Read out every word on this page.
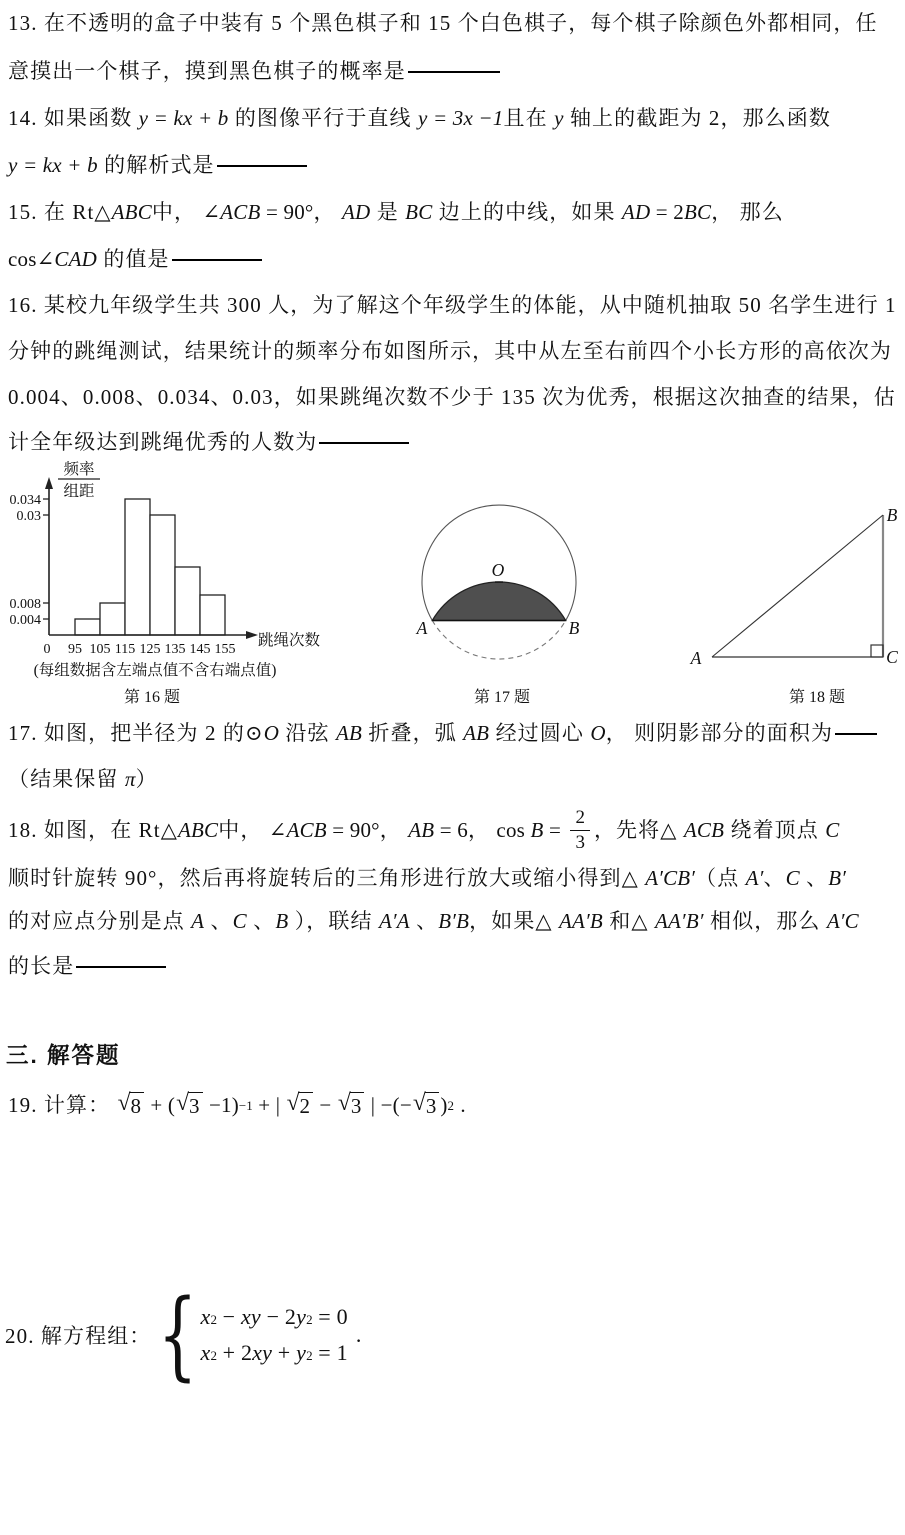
13. 在不透明的盒子中装有 5 个黑色棋子和 15 个白色棋子，每个棋子除颜色外都相同，任
意摸出一个棋子，摸到黑色棋子的概率是
14. 如果函数 y = kx + b 的图像平行于直线 y = 3x −1 且在 y 轴上的截距为 2，那么函数
y = kx + b 的解析式是
15. 在 Rt△ ABC 中， ∠ACB = 90° ， AD 是 BC 边上的中线，如果 AD = 2 BC ， 那么
cos ∠CAD 的值是
16. 某校九年级学生共 300 人，为了解这个年级学生的体能，从中随机抽取 50 名学生进行 1
分钟的跳绳测试，结果统计的频率分布如图所示，其中从左至右前四个小长方形的高依次为
0.004、0.008、0.034、0.03，如果跳绳次数不少于 135 次为优秀，根据这次抽查的结果，估
计全年级达到跳绳优秀的人数为
17. 如图，把半径为 2 的⊙ O 沿弦 AB 折叠，弧 AB 经过圆心 O ， 则阴影部分的面积为
（结果保留 π ）
18. 如图，在 Rt△ ABC 中， ∠ACB = 90° ， AB = 6 ， $\cos B = \frac{2}{3}$ ，先将△ ACB 绕着顶点 C
顺时针旋转 90°，然后再将旋转后的三角形进行放大或缩小得到△ A′CB′ （点 A′ 、 C 、 B′
的对应点分别是点 A 、 C 、 B ），联结 A′A 、 B′B ，如果△ AA′B 和△ AA′B′ 相似，那么 A′C
的长是
三. 解答题
19. 计算： √ 8 + ( √ 3 −1) −1 + | √ 2 − √ 3 | −(− √ 3 ) 2 .
20. 解方程组： { x 2 − xy − 2 y 2 = 0
x 2 + 2 xy + y 2 = 1
.
0.004
0.008
0.03
0.034
0 95 105 115 125 135 145 155
频率
组距
跳绳次数
(每组数据含左端点值不含右端点值)
第 16 题
O
A	B
第 17 题
A
B
C
第 18 题
